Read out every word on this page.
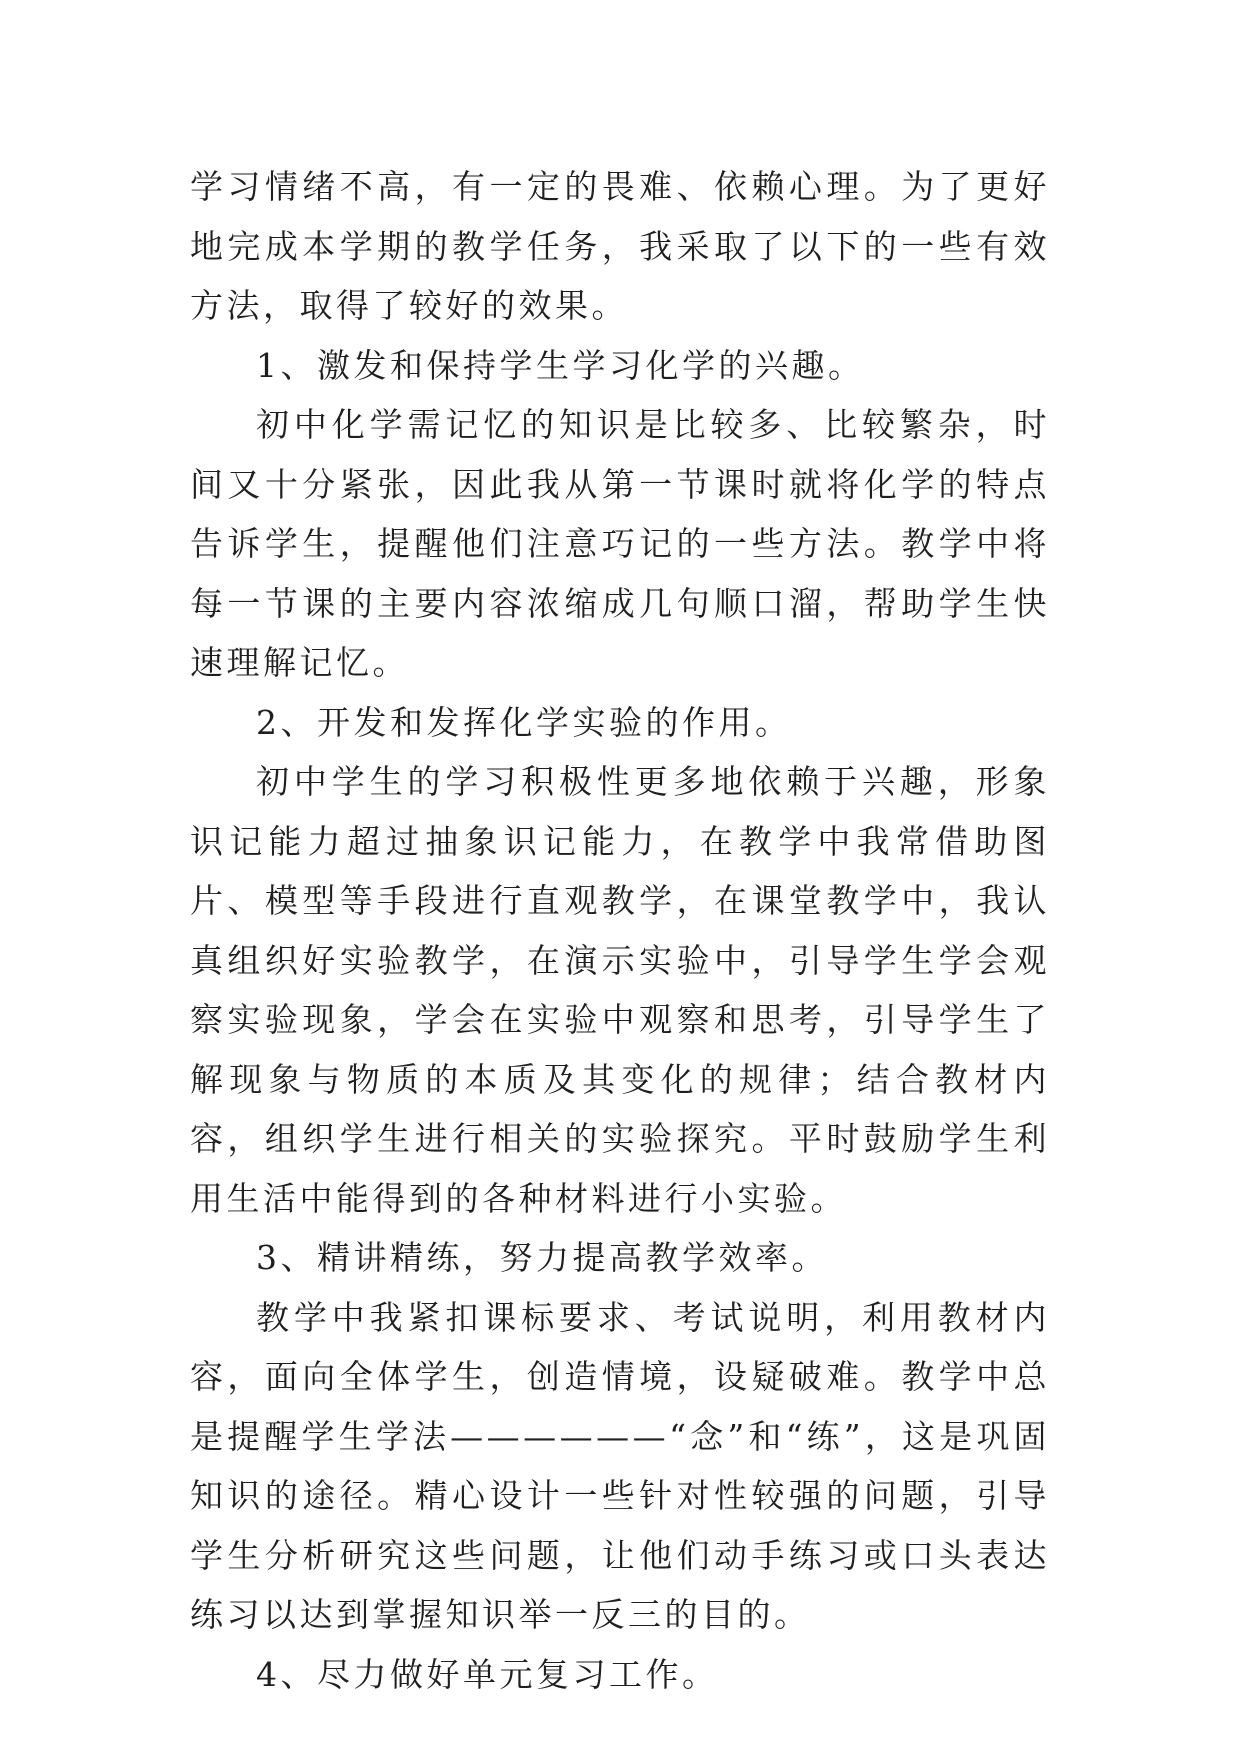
学习情绪不高，有一定的畏难、依赖心理。为了更好地完成本学期的教学任务，我采取了以下的一些有效方法，取得了较好的效果。

1、激发和保持学生学习化学的兴趣。

初中化学需记忆的知识是比较多、比较繁杂，时间又十分紧张，因此我从第一节课时就将化学的特点告诉学生，提醒他们注意巧记的一些方法。教学中将每一节课的主要内容浓缩成几句顺口溜，帮助学生快速理解记忆。

2、开发和发挥化学实验的作用。

初中学生的学习积极性更多地依赖于兴趣，形象识记能力超过抽象识记能力，在教学中我常借助图片、模型等手段进行直观教学，在课堂教学中，我认真组织好实验教学，在演示实验中，引导学生学会观察实验现象，学会在实验中观察和思考，引导学生了解现象与物质的本质及其变化的规律；结合教材内容，组织学生进行相关的实验探究。平时鼓励学生利用生活中能得到的各种材料进行小实验。

3、精讲精练，努力提高教学效率。

教学中我紧扣课标要求、考试说明，利用教材内容，面向全体学生，创造情境，设疑破难。教学中总是提醒学生学法——————“念”和“练”，这是巩固知识的途径。精心设计一些针对性较强的问题，引导学生分析研究这些问题，让他们动手练习或口头表达练习以达到掌握知识举一反三的目的。

4、尽力做好单元复习工作。
